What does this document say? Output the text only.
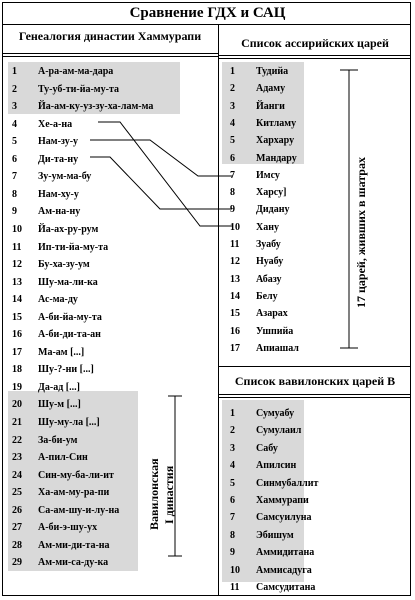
Сравнение ГДХ и САЦ
Генеалогия династии Хаммурапи	Список ассирийских царей
Список вавилонских царей B
1	А-ра-ам-ма-дара
2	Ту-уб-ти-йа-му-та
3	Йа-ам-ку-уз-зу-ха-лам-ма
4	Хе-а-на
5	Нам-зу-у
6	Ди-та-ну
7	Зу-ум-ма-бу
8	Нам-ху-у
9	Ам-на-ну
10	Йа-ах-ру-рум
11	Ип-ти-йа-му-та
12	Бу-ха-зу-ум
13	Шу-ма-ли-ка
14	Ас-ма-ду
15	А-би-йа-му-та
16	А-би-ди-та-ан
17	Ма-ам [...]
18	Шу-?-ни [...]
19	Да-ад [...]
20	Шу-м [...]
21	Шу-му-ла [...]
22	За-би-ум
23	А-пил-Син
24	Син-му-ба-ли-ит
25	Ха-ам-му-ра-пи
26	Са-ам-шу-и-лу-на
27	А-би-э-шу-ух
28	Ам-ми-ди-та-на
29	Ам-ми-са-ду-ка
1	Тудийа
2	Адаму
3	Йанги
4	Китламу
5	Хархару
6	Мандару
7	Имсу
8	Харсу]
9	Дидану
10	Хану
11	Зуабу
12	Нуабу
13	Абазу
14	Белу
15	Азарах
16	Ушпийа
17	Апиашал
1	Сумуабу
2	Сумулаил
3	Сабу
4	Апилсин
5	Синмубаллит
6	Хаммурапи
7	Самсуилуна
8	Эбишум
9	Аммидитана
10	Аммисадуга
11	Самсудитана
17 царей, живших в шатрах
Вавилонская I династия
